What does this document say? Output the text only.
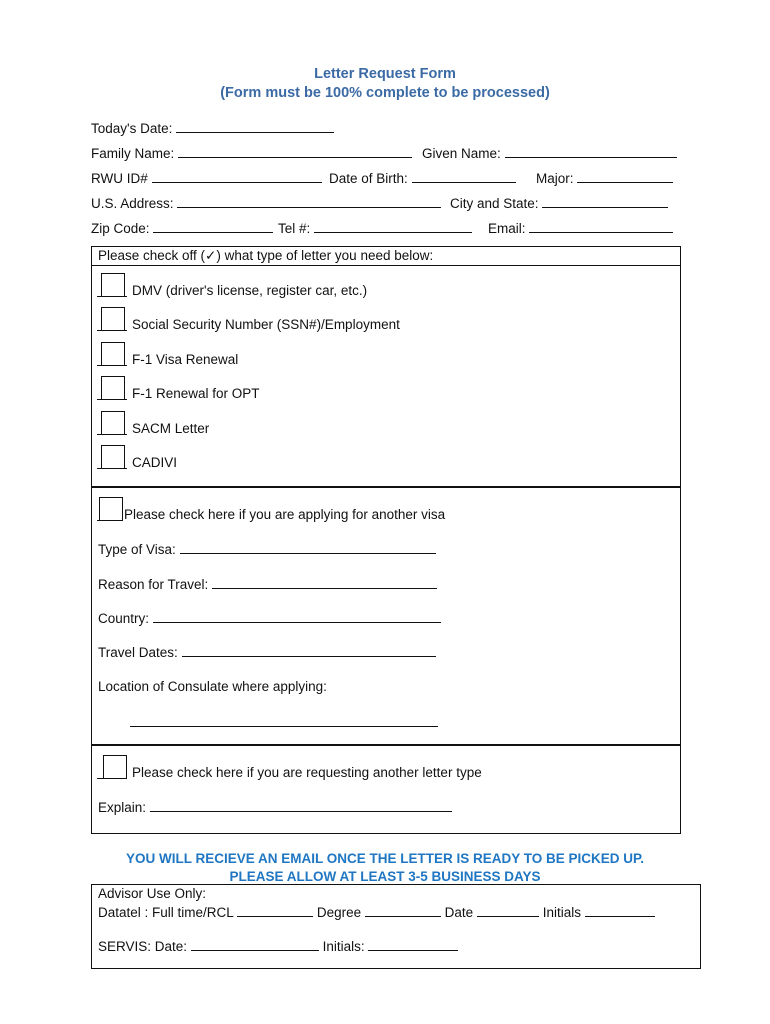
Letter Request Form
(Form must be 100% complete to be processed)
Today's Date:
Family Name:	Given Name:
RWU ID#	Date of Birth:	Major:
U.S. Address:	City and State:
Zip Code:	Tel #:	Email:
Please check off (✓) what type of letter you need below:
DMV (driver's license, register car, etc.)
Social Security Number (SSN#)/Employment
F-1 Visa Renewal
F-1 Renewal for OPT
SACM Letter
CADIVI
Please check here if you are applying for another visa
Type of Visa:
Reason for Travel:
Country:
Travel Dates:
Location of Consulate where applying:
Please check here if you are requesting another letter type
Explain:
YOU WILL RECIEVE AN EMAIL ONCE THE LETTER IS READY TO BE PICKED UP.
PLEASE ALLOW AT LEAST 3-5 BUSINESS DAYS
Advisor Use Only:
Datatel : Full time/RCL	Degree	Date	Initials
SERVIS: Date:	Initials:
